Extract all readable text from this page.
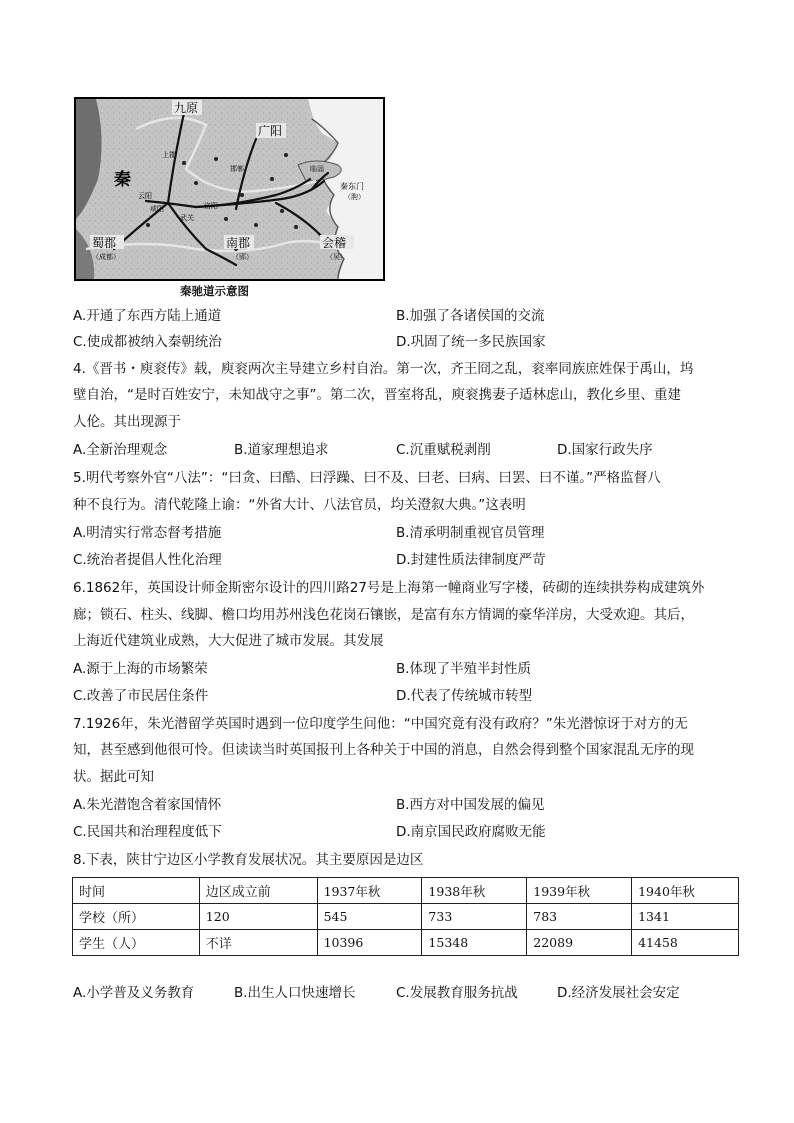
九原
广阳
秦
上郡
邯郸	临淄
云阳
咸阳	洛阳
武关
秦东门
（朐）
蜀郡
（成都）
南郡
（郢）
会稽
（吴）
秦驰道示意图
A.开通了东西方陆上通道	B.加强了各诸侯国的交流
C.使成都被纳入秦朝统治	D.巩固了统一多民族国家
4.《晋书・庾衮传》载，庾衮两次主导建立乡村自治。第一次，齐王冏之乱，衮率同族庶姓保于禹山，坞
壁自治，“是时百姓安宁，未知战守之事”。第二次，晋室将乱，庾衮携妻子适林虑山，教化乡里、重建
人伦。其出现源于
A.全新治理观念	B.道家理想追求	C.沉重赋税剥削	D.国家行政失序
5.明代考察外官“八法”：“曰贪、曰酷、曰浮躁、曰不及、曰老、曰病、曰罢、曰不谨。”严格监督八
种不良行为。清代乾隆上谕：“外省大计、八法官员，均关澄叙大典。”这表明
A.明清实行常态督考措施	B.清承明制重视官员管理
C.统治者提倡人性化治理	D.封建性质法律制度严苛
6.1862年，英国设计师金斯密尔设计的四川路27号是上海第一幢商业写字楼，砖砌的连续拱券构成建筑外
廊；锁石、柱头、线脚、檐口均用苏州浅色花岗石镶嵌，是富有东方情调的豪华洋房，大受欢迎。其后，
上海近代建筑业成熟，大大促进了城市发展。其发展
A.源于上海的市场繁荣	B.体现了半殖半封性质
C.改善了市民居住条件	D.代表了传统城市转型
7.1926年，朱光潜留学英国时遇到一位印度学生问他：“中国究竟有没有政府？”朱光潜惊讶于对方的无
知，甚至感到他很可怜。但读读当时英国报刊上各种关于中国的消息，自然会得到整个国家混乱无序的现
状。据此可知
A.朱光潜饱含着家国情怀	B.西方对中国发展的偏见
C.民国共和治理程度低下	D.南京国民政府腐败无能
8.下表，陕甘宁边区小学教育发展状况。其主要原因是边区
时间	边区成立前	1937年秋	1938年秋	1939年秋	1940年秋
学校（所）	120	545	733	783	1341
学生（人）	不详	10396	15348	22089	41458
A.小学普及义务教育	B.出生人口快速增长	C.发展教育服务抗战	D.经济发展社会安定
